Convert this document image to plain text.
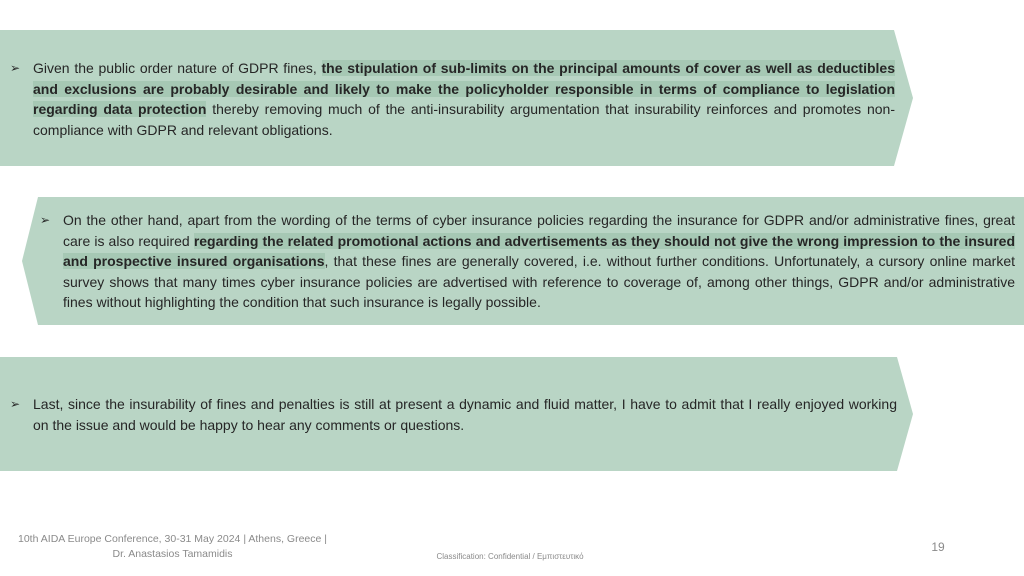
➢ Given the public order nature of GDPR fines, the stipulation of sub-limits on the principal amounts of cover as well as deductibles and exclusions are probably desirable and likely to make the policyholder responsible in terms of compliance to legislation regarding data protection thereby removing much of the anti-insurability argumentation that insurability reinforces and promotes non-compliance with GDPR and relevant obligations.
➢ On the other hand, apart from the wording of the terms of cyber insurance policies regarding the insurance for GDPR and/or administrative fines, great care is also required regarding the related promotional actions and advertisements as they should not give the wrong impression to the insured and prospective insured organisations, that these fines are generally covered, i.e. without further conditions. Unfortunately, a cursory online market survey shows that many times cyber insurance policies are advertised with reference to coverage of, among other things, GDPR and/or administrative fines without highlighting the condition that such insurance is legally possible.
➢ Last, since the insurability of fines and penalties is still at present a dynamic and fluid matter, I have to admit that I really enjoyed working on the issue and would be happy to hear any comments or questions.
10th AIDA Europe Conference, 30-31 May 2024 | Athens, Greece | Dr. Anastasios Tamamidis	Classification: Confidential / Εμπιστευτικό
19
